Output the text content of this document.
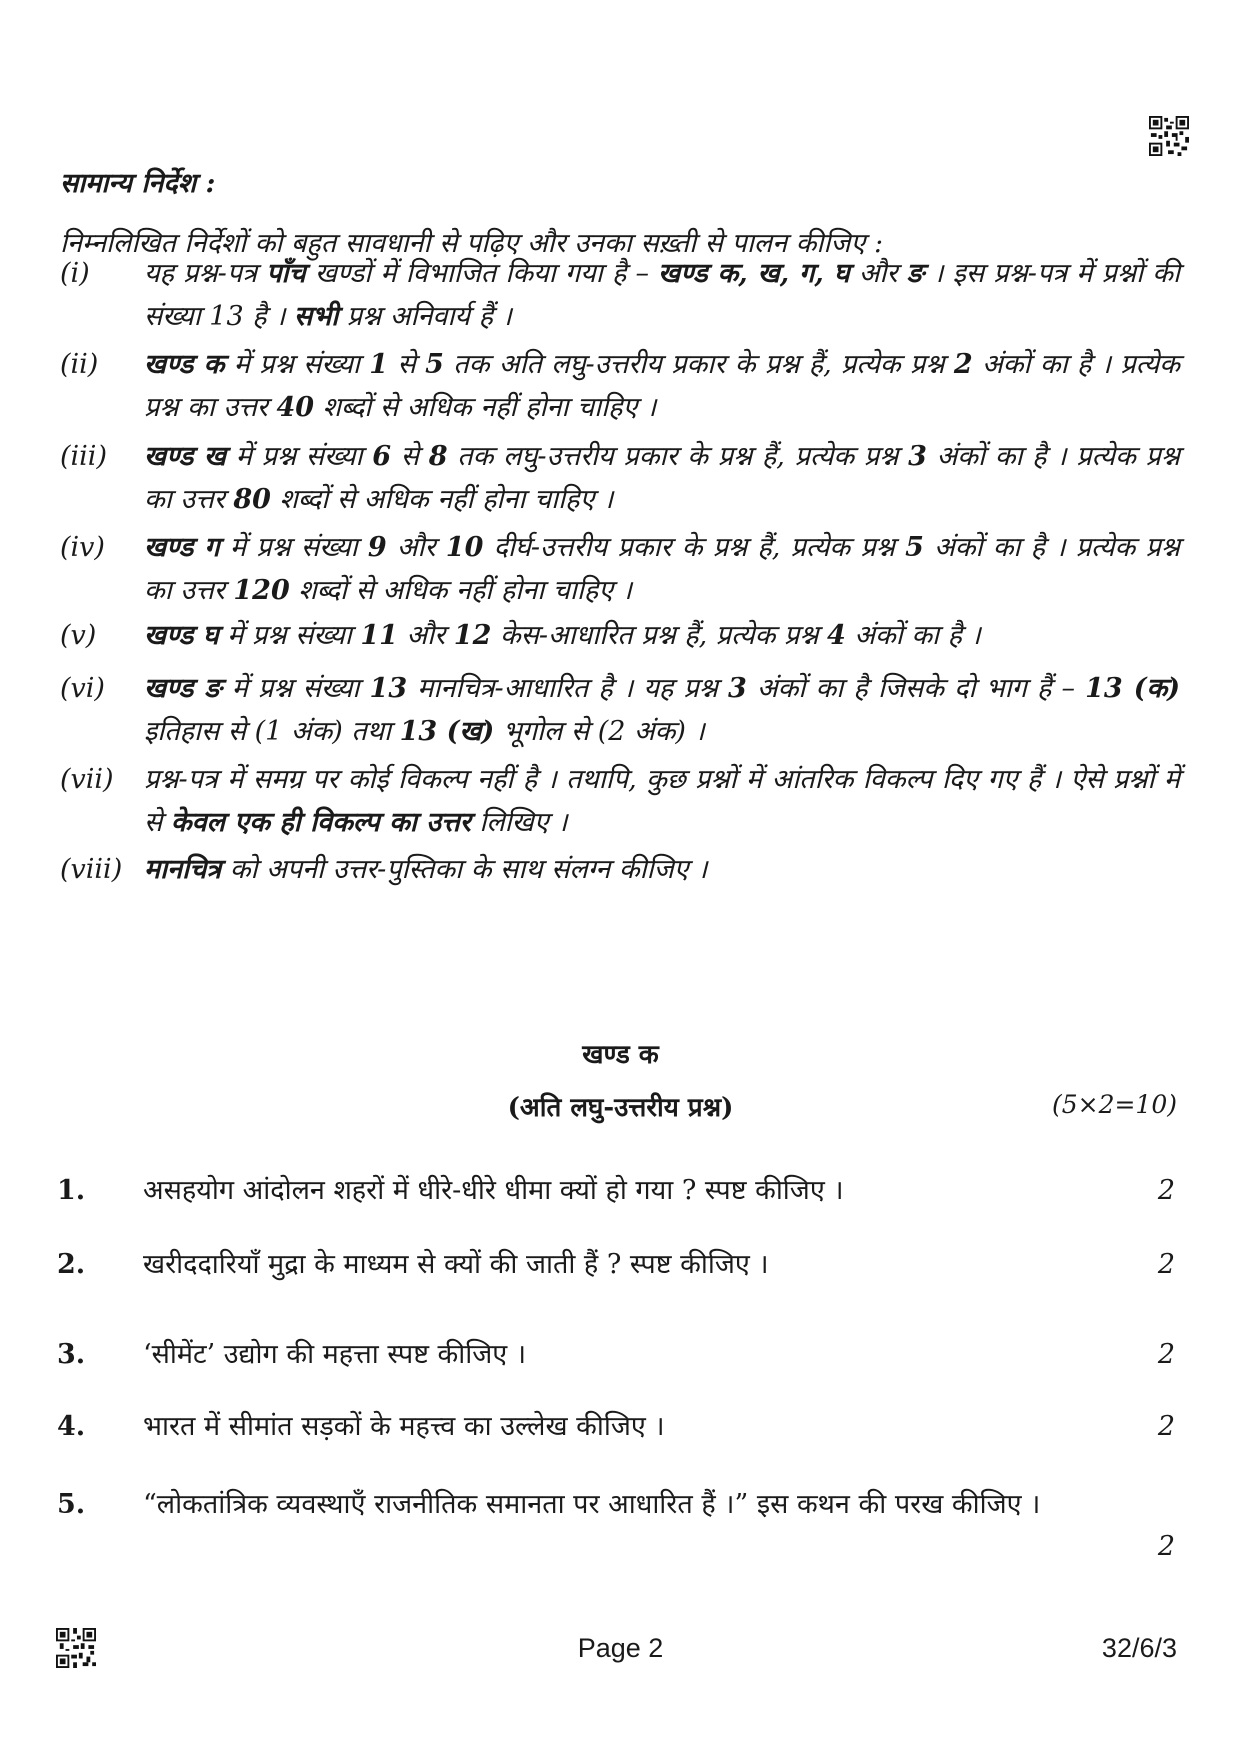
सामान्य निर्देश :
निम्नलिखित निर्देशों को बहुत सावधानी से पढ़िए और उनका सख़्ती से पालन कीजिए :
(i) यह प्रश्न-पत्र पाँच खण्डों में विभाजित किया गया है – खण्ड क, ख, ग, घ और ङ । इस प्रश्न-पत्र में प्रश्नों की संख्या 13 है । सभी प्रश्न अनिवार्य हैं ।
(ii) खण्ड क में प्रश्न संख्या 1 से 5 तक अति लघु-उत्तरीय प्रकार के प्रश्न हैं, प्रत्येक प्रश्न 2 अंकों का है । प्रत्येक प्रश्न का उत्तर 40 शब्दों से अधिक नहीं होना चाहिए ।
(iii) खण्ड ख में प्रश्न संख्या 6 से 8 तक लघु-उत्तरीय प्रकार के प्रश्न हैं, प्रत्येक प्रश्न 3 अंकों का है । प्रत्येक प्रश्न का उत्तर 80 शब्दों से अधिक नहीं होना चाहिए ।
(iv) खण्ड ग में प्रश्न संख्या 9 और 10 दीर्घ-उत्तरीय प्रकार के प्रश्न हैं, प्रत्येक प्रश्न 5 अंकों का है । प्रत्येक प्रश्न का उत्तर 120 शब्दों से अधिक नहीं होना चाहिए ।
(v) खण्ड घ में प्रश्न संख्या 11 और 12 केस-आधारित प्रश्न हैं, प्रत्येक प्रश्न 4 अंकों का है ।
(vi) खण्ड ङ में प्रश्न संख्या 13 मानचित्र-आधारित है । यह प्रश्न 3 अंकों का है जिसके दो भाग हैं – 13 (क) इतिहास से (1 अंक) तथा 13 (ख) भूगोल से (2 अंक) ।
(vii) प्रश्न-पत्र में समग्र पर कोई विकल्प नहीं है । तथापि, कुछ प्रश्नों में आंतरिक विकल्प दिए गए हैं । ऐसे प्रश्नों में से केवल एक ही विकल्प का उत्तर लिखिए ।
(viii) मानचित्र को अपनी उत्तर-पुस्तिका के साथ संलग्न कीजिए ।
खण्ड क
(अति लघु-उत्तरीय प्रश्न)	(5×2=10)
1. असहयोग आंदोलन शहरों में धीरे-धीरे धीमा क्यों हो गया ? स्पष्ट कीजिए ।	2
2. खरीददारियाँ मुद्रा के माध्यम से क्यों की जाती हैं ? स्पष्ट कीजिए ।	2
3. ‘सीमेंट’ उद्योग की महत्ता स्पष्ट कीजिए ।	2
4. भारत में सीमांत सड़कों के महत्त्व का उल्लेख कीजिए ।	2
5. “लोकतांत्रिक व्यवस्थाएँ राजनीतिक समानता पर आधारित हैं ।” इस कथन की परख कीजिए ।
2
Page 2	32/6/3
